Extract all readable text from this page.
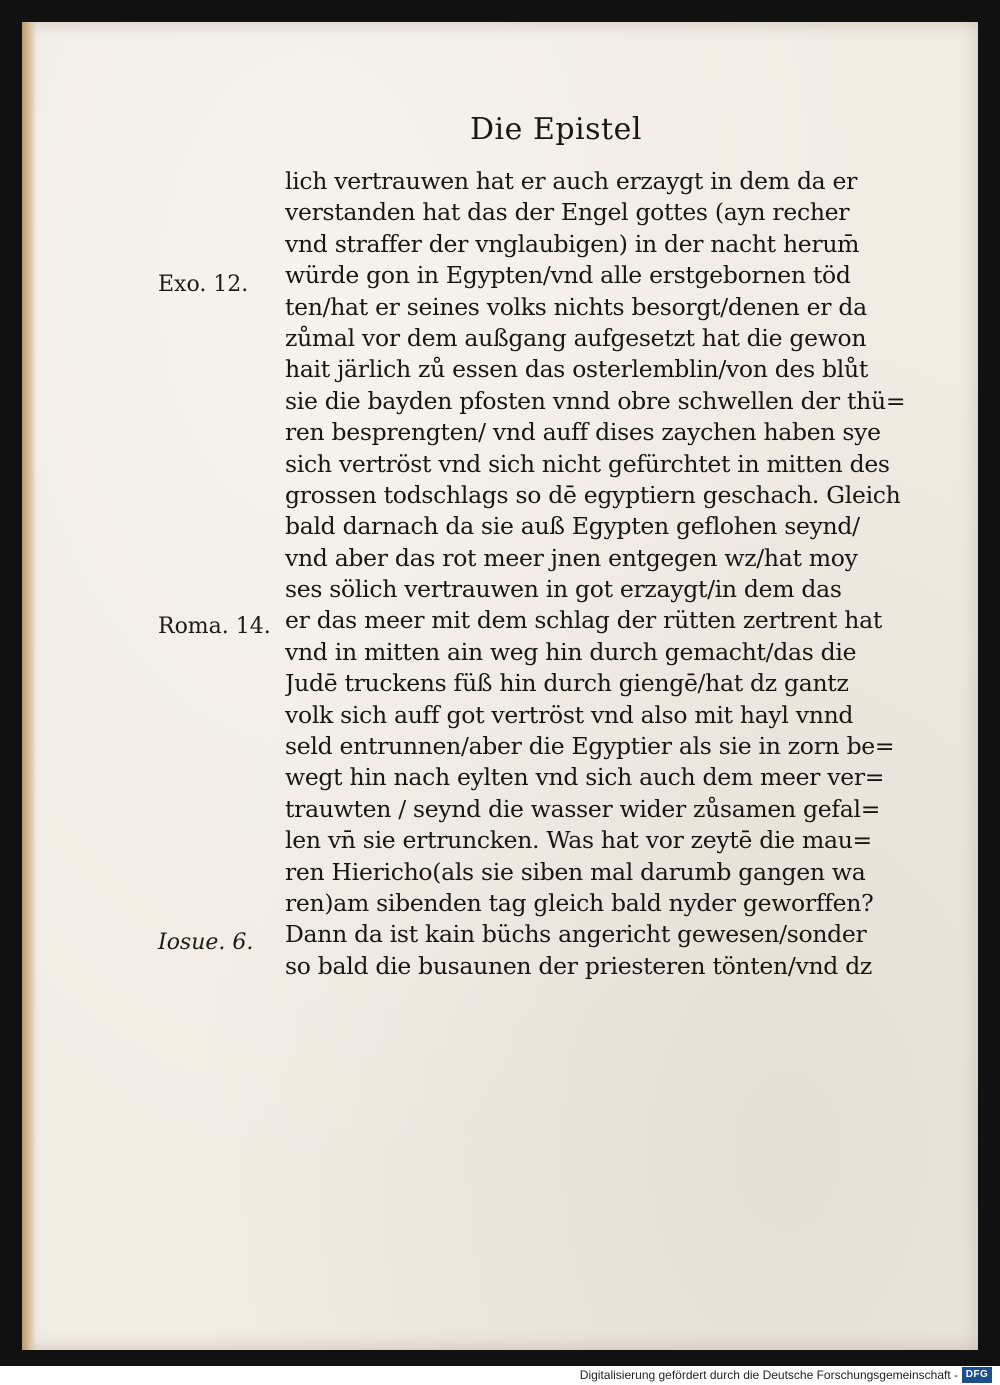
Die Epistel
Exo. 12.
Roma. 14.
Iosue. 6.
lich vertrauwen hat er auch erzaygt in dem da er
verstanden hat das der Engel gottes (ayn recher
vnd straffer der vnglaubigen) in der nacht herum̄
würde gon in Egypten/vnd alle erstgebornen töd
ten/hat er seines volks nichts besorgt/denen er da
zůmal vor dem außgang aufgesetzt hat die gewon
hait järlich zů essen das osterlemblin/von des blůt
sie die bayden pfosten vnnd obre schwellen der thü=
ren besprengten/ vnd auff dises zaychen haben sye
sich vertröst vnd sich nicht gefürchtet in mitten des
grossen todschlags so dē egyptiern geschach. Gleich
bald darnach da sie auß Egypten geflohen seynd/
vnd aber das rot meer jnen entgegen wz/hat moy
ses sölich vertrauwen in got erzaygt/in dem das
er das meer mit dem schlag der rütten zertrent hat
vnd in mitten ain weg hin durch gemacht/das die
Judē truckens füß hin durch giengē/hat dz gantz
volk sich auff got vertröst vnd also mit hayl vnnd
seld entrunnen/aber die Egyptier als sie in zorn be=
wegt hin nach eylten vnd sich auch dem meer ver=
trauwten / seynd die wasser wider zůsamen gefal=
len vn̄ sie ertruncken. Was hat vor zeytē die mau=
ren Hiericho(als sie siben mal darumb gangen wa
ren)am sibenden tag gleich bald nyder geworffen?
Dann da ist kain büchs angericht gewesen/sonder
so bald die busaunen der priesteren tönten/vnd dz
Digitalisierung gefördert durch die Deutsche Forschungsgemeinschaft - DFG
